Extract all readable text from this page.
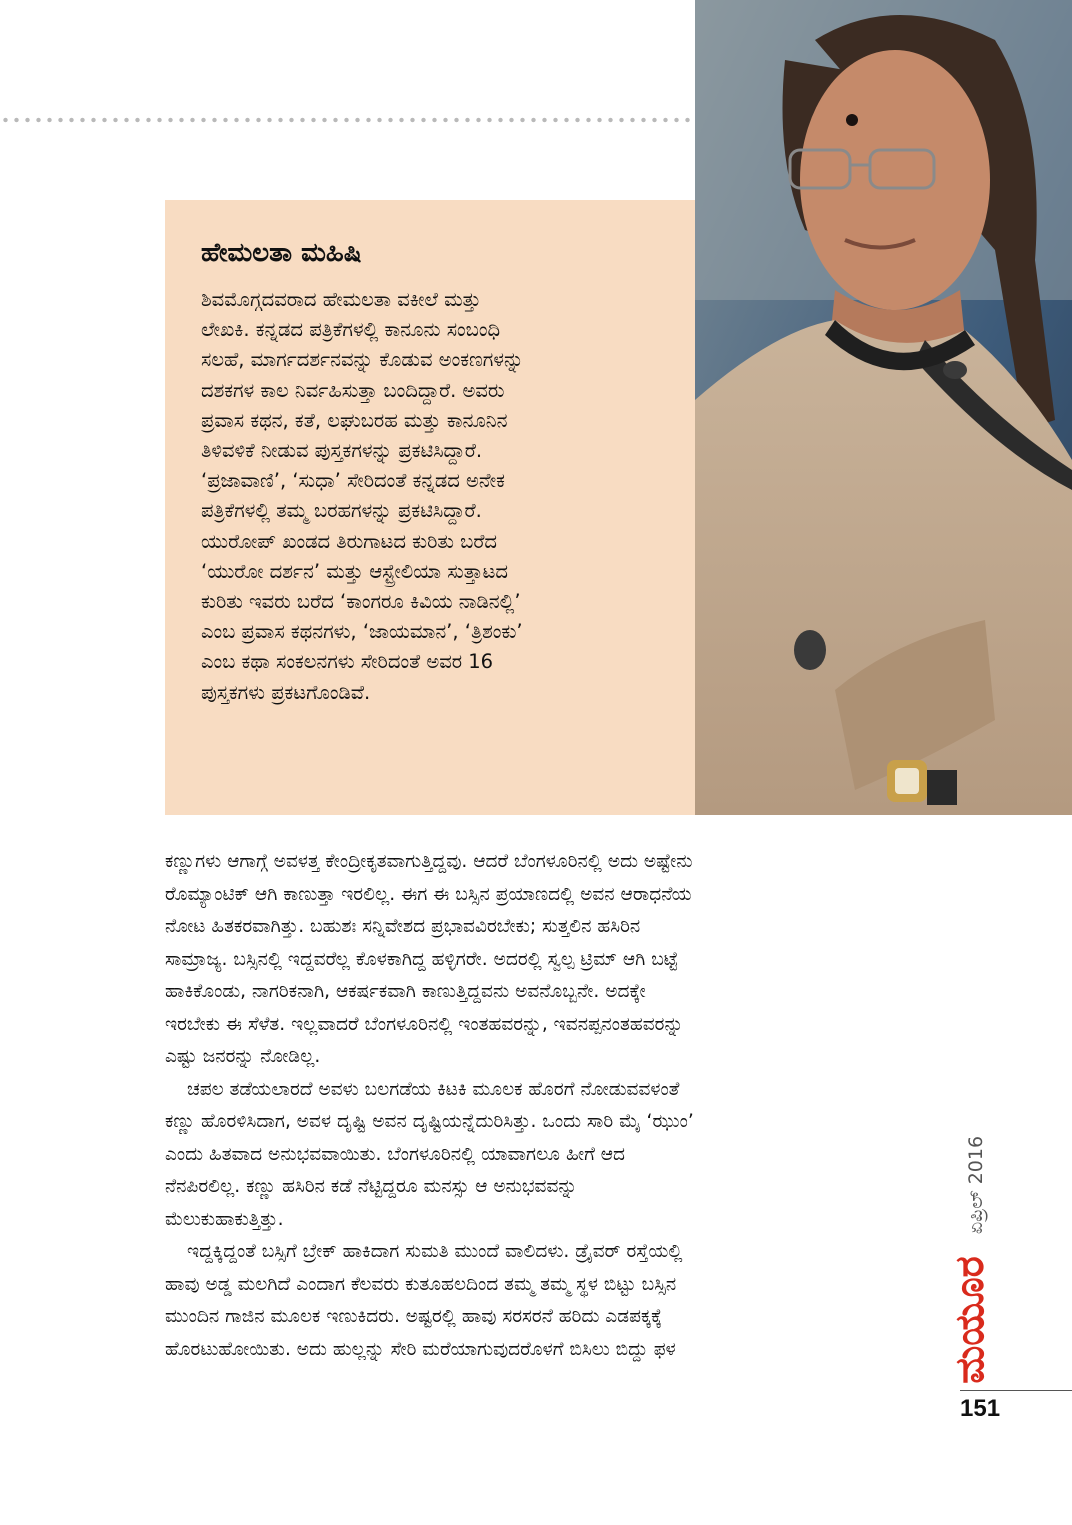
ಹೇಮಲತಾ ಮಹಿಷಿ

ಶಿವಮೊಗ್ಗದವರಾದ ಹೇಮಲತಾ ವಕೀಲೆ ಮತ್ತು
ಲೇಖಕಿ. ಕನ್ನಡದ ಪತ್ರಿಕೆಗಳಲ್ಲಿ ಕಾನೂನು ಸಂಬಂಧಿ
ಸಲಹೆ, ಮಾರ್ಗದರ್ಶನವನ್ನು ಕೊಡುವ ಅಂಕಣಗಳನ್ನು
ದಶಕಗಳ ಕಾಲ ನಿರ್ವಹಿಸುತ್ತಾ ಬಂದಿದ್ದಾರೆ. ಅವರು
ಪ್ರವಾಸ ಕಥನ, ಕತೆ, ಲಘುಬರಹ ಮತ್ತು ಕಾನೂನಿನ
ತಿಳಿವಳಿಕೆ ನೀಡುವ ಪುಸ್ತಕಗಳನ್ನು ಪ್ರಕಟಿಸಿದ್ದಾರೆ.
‘ಪ್ರಜಾವಾಣಿ’, ‘ಸುಧಾ’ ಸೇರಿದಂತೆ ಕನ್ನಡದ ಅನೇಕ
ಪತ್ರಿಕೆಗಳಲ್ಲಿ ತಮ್ಮ ಬರಹಗಳನ್ನು ಪ್ರಕಟಿಸಿದ್ದಾರೆ.
ಯುರೋಪ್ ಖಂಡದ ತಿರುಗಾಟದ ಕುರಿತು ಬರೆದ
‘ಯುರೋ ದರ್ಶನ’ ಮತ್ತು ಆಸ್ಟ್ರೇಲಿಯಾ ಸುತ್ತಾಟದ
ಕುರಿತು ಇವರು ಬರೆದ ‘ಕಾಂಗರೂ ಕಿವಿಯ ನಾಡಿನಲ್ಲಿ’
ಎಂಬ ಪ್ರವಾಸ ಕಥನಗಳು, ‘ಜಾಯಮಾನ’, ‘ತ್ರಿಶಂಕು’
ಎಂಬ ಕಥಾ ಸಂಕಲನಗಳು ಸೇರಿದಂತೆ ಅವರ 16
ಪುಸ್ತಕಗಳು ಪ್ರಕಟಗೊಂಡಿವೆ.

ಕಣ್ಣುಗಳು ಆಗಾಗ್ಗೆ ಅವಳತ್ತ ಕೇಂದ್ರೀಕೃತವಾಗುತ್ತಿದ್ದವು. ಆದರೆ ಬೆಂಗಳೂರಿನಲ್ಲಿ ಅದು ಅಷ್ಟೇನು
ರೊಮ್ಯಾಂಟಿಕ್ ಆಗಿ ಕಾಣುತ್ತಾ ಇರಲಿಲ್ಲ. ಈಗ ಈ ಬಸ್ಸಿನ ಪ್ರಯಾಣದಲ್ಲಿ ಅವನ ಆರಾಧನೆಯ
ನೋಟ ಹಿತಕರವಾಗಿತ್ತು. ಬಹುಶಃ ಸನ್ನಿವೇಶದ ಪ್ರಭಾವವಿರಬೇಕು; ಸುತ್ತಲಿನ ಹಸಿರಿನ
ಸಾಮ್ರಾಜ್ಯ. ಬಸ್ಸಿನಲ್ಲಿ ಇದ್ದವರೆಲ್ಲ ಕೊಳಕಾಗಿದ್ದ ಹಳ್ಳಿಗರೇ. ಅದರಲ್ಲಿ ಸ್ವಲ್ಪ ಟ್ರಿಮ್ ಆಗಿ ಬಟ್ಟೆ
ಹಾಕಿಕೊಂಡು, ನಾಗರಿಕನಾಗಿ, ಆಕರ್ಷಕವಾಗಿ ಕಾಣುತ್ತಿದ್ದವನು ಅವನೊಬ್ಬನೇ. ಅದಕ್ಕೇ
ಇರಬೇಕು ಈ ಸೆಳೆತ. ಇಲ್ಲವಾದರೆ ಬೆಂಗಳೂರಿನಲ್ಲಿ ಇಂತಹವರನ್ನು, ಇವನಪ್ಪನಂತಹವರನ್ನು
ಎಷ್ಟು ಜನರನ್ನು ನೋಡಿಲ್ಲ.
ಚಪಲ ತಡೆಯಲಾರದೆ ಅವಳು ಬಲಗಡೆಯ ಕಿಟಕಿ ಮೂಲಕ ಹೊರಗೆ ನೋಡುವವಳಂತೆ
ಕಣ್ಣು ಹೊರಳಿಸಿದಾಗ, ಅವಳ ದೃಷ್ಟಿ ಅವನ ದೃಷ್ಟಿಯನ್ನೆದುರಿಸಿತ್ತು. ಒಂದು ಸಾರಿ ಮೈ ‘ಝುಂ’
ಎಂದು ಹಿತವಾದ ಅನುಭವವಾಯಿತು. ಬೆಂಗಳೂರಿನಲ್ಲಿ ಯಾವಾಗಲೂ ಹೀಗೆ ಆದ
ನೆನಪಿರಲಿಲ್ಲ. ಕಣ್ಣು ಹಸಿರಿನ ಕಡೆ ನೆಟ್ಟಿದ್ದರೂ ಮನಸ್ಸು ಆ ಅನುಭವವನ್ನು
ಮೆಲುಕುಹಾಕುತ್ತಿತ್ತು.
ಇದ್ದಕ್ಕಿದ್ದಂತೆ ಬಸ್ಸಿಗೆ ಬ್ರೇಕ್ ಹಾಕಿದಾಗ ಸುಮತಿ ಮುಂದೆ ವಾಲಿದಳು. ಡ್ರೈವರ್ ರಸ್ತೆಯಲ್ಲಿ
ಹಾವು ಅಡ್ಡ ಮಲಗಿದೆ ಎಂದಾಗ ಕೆಲವರು ಕುತೂಹಲದಿಂದ ತಮ್ಮ ತಮ್ಮ ಸ್ಥಳ ಬಿಟ್ಟು ಬಸ್ಸಿನ
ಮುಂದಿನ ಗಾಜಿನ ಮೂಲಕ ಇಣುಕಿದರು. ಅಷ್ಟರಲ್ಲಿ ಹಾವು ಸರಸರನೆ ಹರಿದು ಎಡಪಕ್ಕಕ್ಕೆ
ಹೊರಟುಹೋಯಿತು. ಅದು ಹುಲ್ಲನ್ನು ಸೇರಿ ಮರೆಯಾಗುವುದರೊಳಗೆ ಬಿಸಿಲು ಬಿದ್ದು ಫಳ
ಏಪ್ರಿಲ್ 2016
ಮಯೂರ
151
